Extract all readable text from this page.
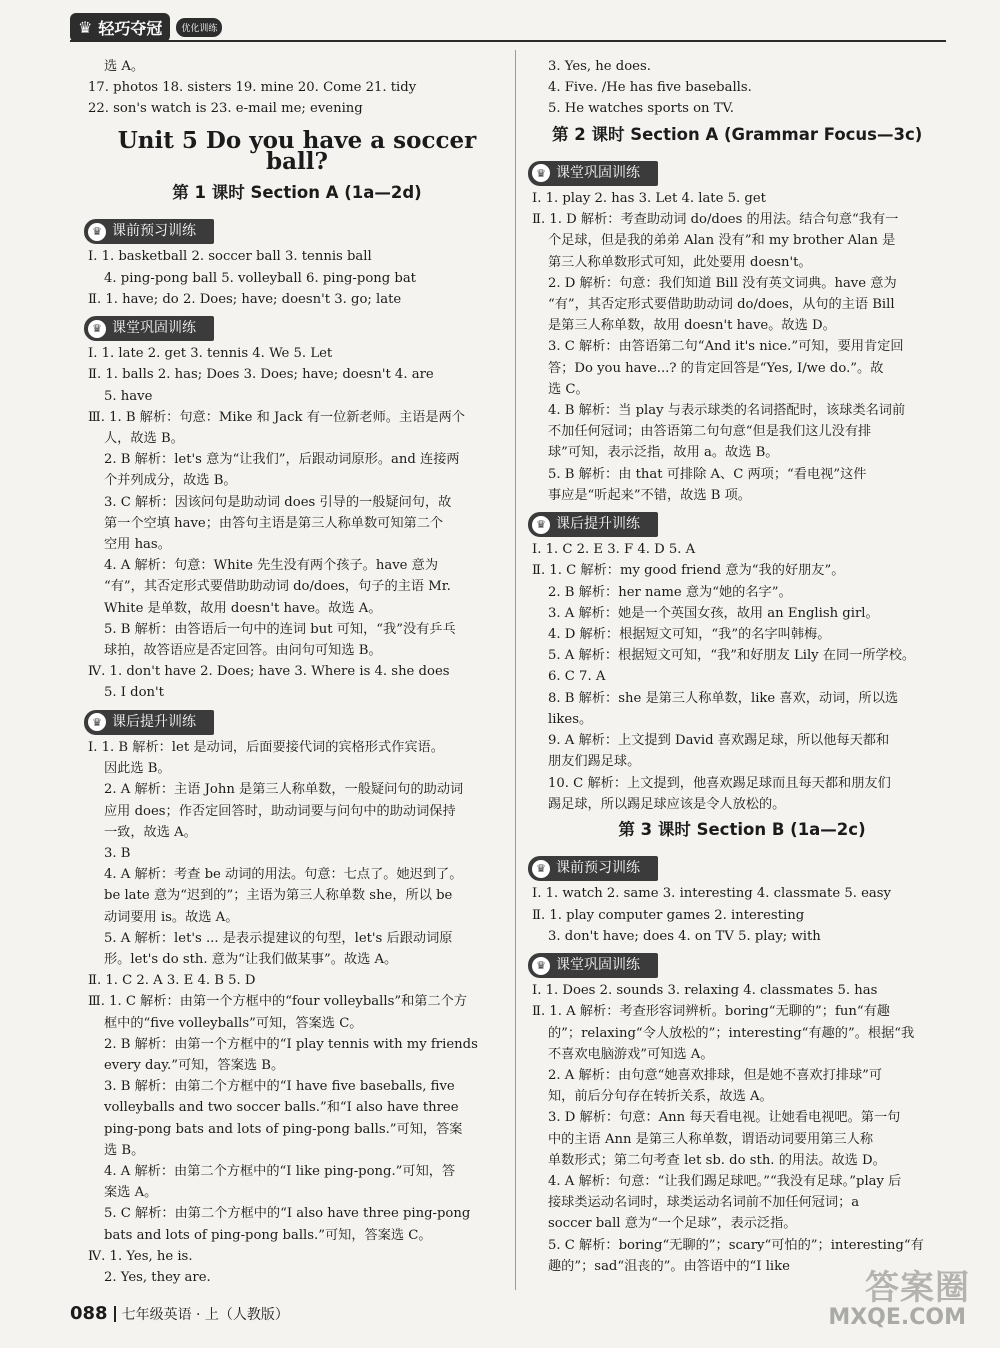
♛ 轻巧夺冠	优化训练
选 A。
17. photos 18. sisters 19. mine 20. Come 21. tidy
22. son's watch is 23. e-mail me; evening
Unit 5 Do you have a soccer ball?
第 1 课时 Section A (1a—2d)
♛ 课前预习训练
Ⅰ. 1. basketball 2. soccer ball 3. tennis ball
4. ping-pong ball 5. volleyball 6. ping-pong bat
Ⅱ. 1. have; do 2. Does; have; doesn't 3. go; late
♛ 课堂巩固训练
Ⅰ. 1. late 2. get 3. tennis 4. We 5. Let
Ⅱ. 1. balls 2. has; Does 3. Does; have; doesn't 4. are
5. have
Ⅲ. 1. B 解析：句意：Mike 和 Jack 有一位新老师。主语是两个
人，故选 B。
2. B 解析：let's 意为“让我们”，后跟动词原形。and 连接两
个并列成分，故选 B。
3. C 解析：因该问句是助动词 does 引导的一般疑问句，故
第一个空填 have；由答句主语是第三人称单数可知第二个
空用 has。
4. A 解析：句意：White 先生没有两个孩子。have 意为
“有”，其否定形式要借助助动词 do/does，句子的主语 Mr.
White 是单数，故用 doesn't have。故选 A。
5. B 解析：由答语后一句中的连词 but 可知，“我”没有乒乓
球拍，故答语应是否定回答。由问句可知选 B。
Ⅳ. 1. don't have 2. Does; have 3. Where is 4. she does
5. I don't
♛ 课后提升训练
Ⅰ. 1. B 解析：let 是动词，后面要接代词的宾格形式作宾语。
因此选 B。
2. A 解析：主语 John 是第三人称单数，一般疑问句的助动词
应用 does；作否定回答时，助动词要与问句中的助动词保持
一致，故选 A。
3. B
4. A 解析：考查 be 动词的用法。句意：七点了。她迟到了。
be late 意为“迟到的”；主语为第三人称单数 she，所以 be
动词要用 is。故选 A。
5. A 解析：let's ... 是表示提建议的句型，let's 后跟动词原
形。let's do sth. 意为“让我们做某事”。故选 A。
Ⅱ. 1. C 2. A 3. E 4. B 5. D
Ⅲ. 1. C 解析：由第一个方框中的“four volleyballs”和第二个方
框中的“five volleyballs”可知，答案选 C。
2. B 解析：由第一个方框中的“I play tennis with my friends
every day.”可知，答案选 B。
3. B 解析：由第二个方框中的“I have five baseballs, five
volleyballs and two soccer balls.”和“I also have three
ping-pong bats and lots of ping-pong balls.”可知，答案
选 B。
4. A 解析：由第二个方框中的“I like ping-pong.”可知，答
案选 A。
5. C 解析：由第二个方框中的“I also have three ping-pong
bats and lots of ping-pong balls.”可知，答案选 C。
Ⅳ. 1. Yes, he is.
2. Yes, they are.
3. Yes, he does.
4. Five. /He has five baseballs.
5. He watches sports on TV.
第 2 课时 Section A (Grammar Focus—3c)
♛ 课堂巩固训练
Ⅰ. 1. play 2. has 3. Let 4. late 5. get
Ⅱ. 1. D 解析：考查助动词 do/does 的用法。结合句意“我有一
个足球，但是我的弟弟 Alan 没有”和 my brother Alan 是
第三人称单数形式可知，此处要用 doesn't。
2. D 解析：句意：我们知道 Bill 没有英文词典。have 意为
“有”，其否定形式要借助助动词 do/does，从句的主语 Bill
是第三人称单数，故用 doesn't have。故选 D。
3. C 解析：由答语第二句“And it's nice.”可知，要用肯定回
答；Do you have...? 的肯定回答是“Yes, I/we do.”。故
选 C。
4. B 解析：当 play 与表示球类的名词搭配时，该球类名词前
不加任何冠词；由答语第二句句意“但是我们这儿没有排
球”可知，表示泛指，故用 a。故选 B。
5. B 解析：由 that 可排除 A、C 两项；“看电视”这件
事应是“听起来”不错，故选 B 项。
♛ 课后提升训练
Ⅰ. 1. C 2. E 3. F 4. D 5. A
Ⅱ. 1. C 解析：my good friend 意为“我的好朋友”。
2. B 解析：her name 意为“她的名字”。
3. A 解析：她是一个英国女孩，故用 an English girl。
4. D 解析：根据短文可知，“我”的名字叫韩梅。
5. A 解析：根据短文可知，“我”和好朋友 Lily 在同一所学校。
6. C 7. A
8. B 解析：she 是第三人称单数，like 喜欢，动词，所以选
likes。
9. A 解析：上文提到 David 喜欢踢足球，所以他每天都和
朋友们踢足球。
10. C 解析：上文提到，他喜欢踢足球而且每天都和朋友们
踢足球，所以踢足球应该是令人放松的。
第 3 课时 Section B (1a—2c)
♛ 课前预习训练
Ⅰ. 1. watch 2. same 3. interesting 4. classmate 5. easy
Ⅱ. 1. play computer games 2. interesting
3. don't have; does 4. on TV 5. play; with
♛ 课堂巩固训练
Ⅰ. 1. Does 2. sounds 3. relaxing 4. classmates 5. has
Ⅱ. 1. A 解析：考查形容词辨析。boring“无聊的”；fun“有趣
的”；relaxing“令人放松的”；interesting“有趣的”。根据“我
不喜欢电脑游戏”可知选 A。
2. A 解析：由句意“她喜欢排球，但是她不喜欢打排球”可
知，前后分句存在转折关系，故选 A。
3. D 解析：句意：Ann 每天看电视。让她看电视吧。第一句
中的主语 Ann 是第三人称单数，谓语动词要用第三人称
单数形式；第二句考查 let sb. do sth. 的用法。故选 D。
4. A 解析：句意：“让我们踢足球吧。”“我没有足球。”play 后
接球类运动名词时，球类运动名词前不加任何冠词；a
soccer ball 意为“一个足球”，表示泛指。
5. C 解析：boring“无聊的”；scary“可怕的”；interesting“有
趣的”；sad“沮丧的”。由答语中的“I like
088 七年级英语 · 上（人教版）
答案圈
MXQE.COM
